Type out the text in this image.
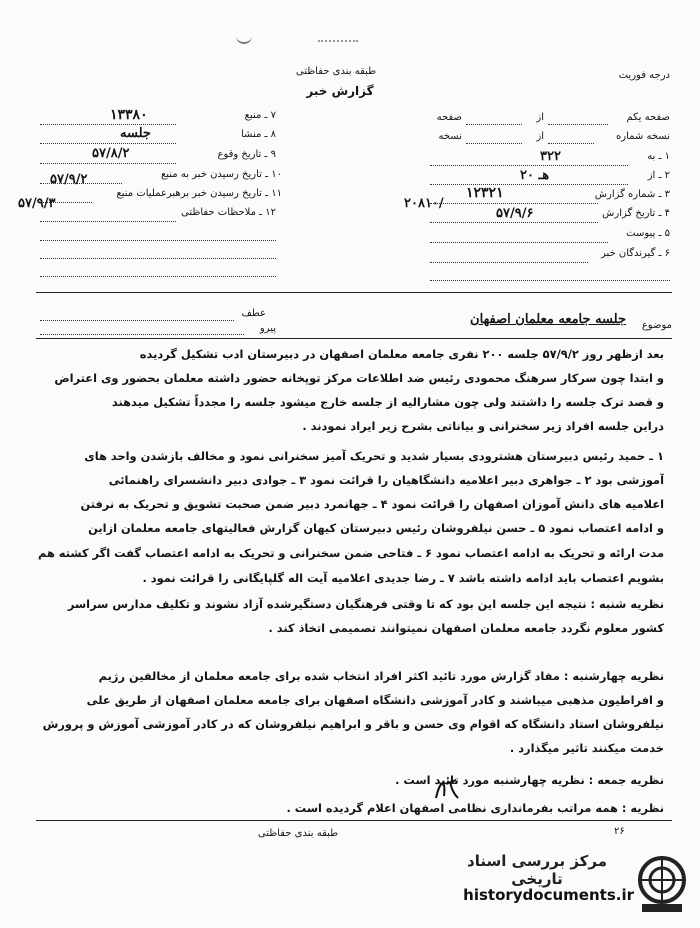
طبقه بندی حفاظتی
گزارش خبر
درجه فوریت
۷ ـ منبع
۱۳۳۸۰
۸ ـ منشا
جلسه
۹ ـ تاریخ وقوع
۵۷/۸/۲
۱۰ ـ تاریخ رسیدن خبر به منبع
۵۷/۹/۲
۱۱ ـ تاریخ رسیدن خبر برهبرعملیات منبع
۵۷/۹/۳
۱۲ ـ ملاحظات حفاظتی
صفحه یکم
از
صفحه
نسخه شماره
از
نسخه
۱ ـ به
۳۲۲
۲ ـ از
۲۰ هـ
۳ ـ شماره گزارش
۱۲۳۲۱
۲۰۸۱۰/
۴ ـ تاریخ گزارش
۵۷/۹/۶
۵ ـ پیوست
۶ ـ گیرندگان خبر
عطف
پیرو	موضوع
جلسه جامعه معلمان اصفهان
بعد ازظهر روز ۵۷/۹/۲ جلسه ۲۰۰ نفری جامعه معلمان اصفهان در دبیرستان ادب تشکیل گردیده
و ابتدا چون سرکار سرهنگ محمودی رئیس ضد اطلاعات مرکز توپخانه حضور داشته معلمان بحضور وی اعتراض
و قصد ترک جلسه را داشتند ولی چون مشارالیه از جلسه خارج میشود جلسه را مجدداً تشکیل میدهند
دراین جلسه افراد زیر سخنرانی و بیاناتی بشرح زیر ایراد نمودند .
۱ ـ حمید رئیس دبیرستان هشترودی بسیار شدید و تحریک آمیز سخنرانی نمود و مخالف بازشدن واحد های
آموزشی بود ۲ ـ جواهری دبیر اعلامیه دانشگاهیان را قرائت نمود ۳ ـ جوادی دبیر دانشسرای راهنمائی
اعلامیه های دانش آموزان اصفهان را قرائت نمود ۴ ـ جهانمرد دبیر ضمن صحبت تشویق و تحریک به نرفتن
و ادامه اعتصاب نمود ۵ ـ حسن نیلفروشان رئیس دبیرستان کیهان گزارش فعالیتهای جامعه معلمان ازاین
مدت ارائه و تحریک به ادامه اعتصاب نمود ۶ ـ فتاحی ضمن سخنرانی و تحریک به ادامه اعتصاب گفت اگر کشته هم
بشویم اعتصاب باید ادامه داشته باشد ۷ ـ رضا جدیدی اعلامیه آیت اله گلپایگانی را قرائت نمود .
نظریه شنبه : نتیجه این جلسه این بود که تا وقتی فرهنگیان دستگیرشده آزاد نشوند و تکلیف مدارس سراسر
کشور معلوم نگردد جامعه معلمان اصفهان نمیتوانند تصمیمی اتخاذ کند .
نظریه چهارشنبه : مفاد گزارش مورد تائید اکثر افراد انتخاب شده برای جامعه معلمان از مخالفین رژیم
و افراطیون مذهبی میباشند و کادر آموزشی دانشگاه اصفهان برای جامعه معلمان اصفهان از طریق علی
نیلفروشان استاد دانشگاه که اقوام وی حسن و باقر و ابراهیم نیلفروشان که در کادر آموزشی آموزش و پرورش
خدمت میکنند تاثیر میگذارد .
نظریه جمعه : نظریه چهارشنبه مورد تائید است .
نظریه : همه مراتب بفرماندارى نظامى اصفهان اعلام گردیده است .
طبقه بندی حفاظتی	۲۶
مرکز بررسی اسناد تاریخی
historydocuments.ir
